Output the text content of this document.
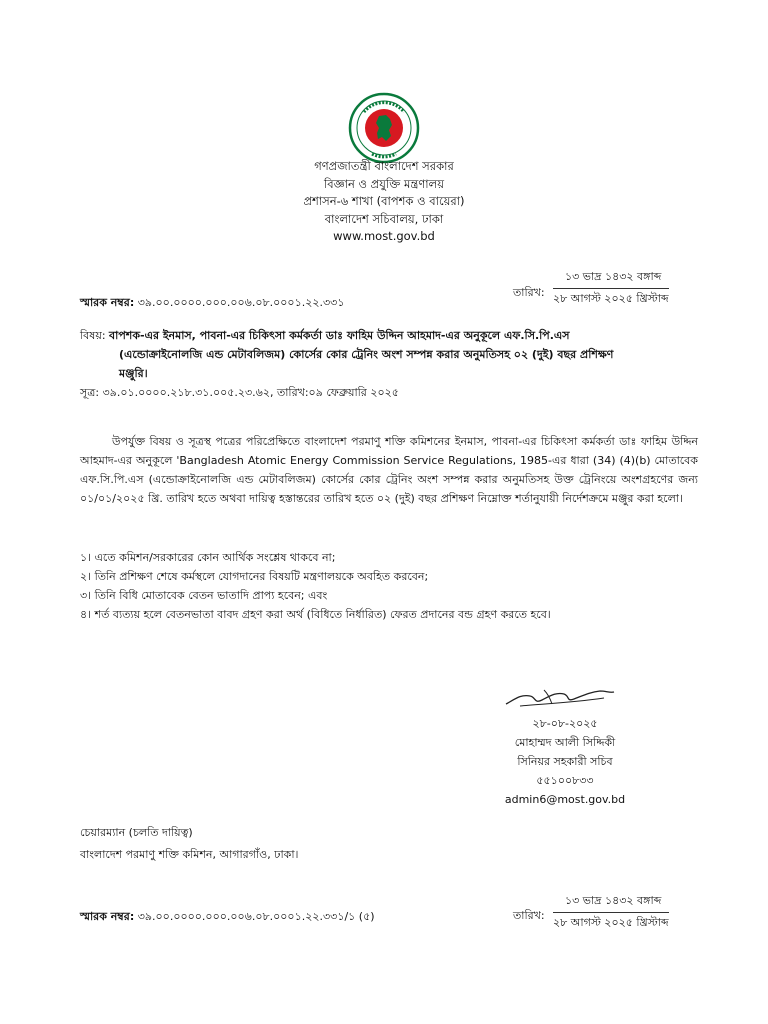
গণপ্রজাতন্ত্রী বাংলাদেশ সরকার
বিজ্ঞান ও প্রযুক্তি মন্ত্রণালয়
প্রশাসন-৬ শাখা (বাপশক ও বায়েরা)
বাংলাদেশ সচিবালয়, ঢাকা
www.most.gov.bd
স্মারক নম্বর: ৩৯.০০.০০০০.০০০.০০৬.০৮.০০০১.২২.৩৩১
তারিখ:
১৩ ভাদ্র ১৪৩২ বঙ্গাব্দ
২৮ আগস্ট ২০২৫ খ্রিস্টাব্দ
বিষয়: বাপশক-এর ইনমাস, পাবনা-এর চিকিৎসা কর্মকর্তা ডাঃ ফাহিম উদ্দিন আহমাদ-এর অনুকূলে এফ.সি.পি.এস
(এন্ডোক্রাইনোলজি এন্ড মেটাবলিজম) কোর্সের কোর ট্রেনিং অংশ সম্পন্ন করার অনুমতিসহ ০২ (দুই) বছর প্রশিক্ষণ
মঞ্জুরি।
সূত্র: ৩৯.০১.০০০০.২১৮.৩১.০০৫.২৩.৬২, তারিখ:০৯ ফেব্রুয়ারি ২০২৫
উপর্যুক্ত বিষয় ও সূত্রস্থ পত্রের পরিপ্রেক্ষিতে বাংলাদেশ পরমাণু শক্তি কমিশনের ইনমাস, পাবনা-এর চিকিৎসা কর্মকর্তা ডাঃ ফাহিম উদ্দিন আহমাদ-এর অনুকূলে 'Bangladesh Atomic Energy Commission Service Regulations, 1985-এর ধারা (34) (4)(b) মোতাবেক এফ.সি.পি.এস (এন্ডোক্রাইনোলজি এন্ড মেটাবলিজম) কোর্সের কোর ট্রেনিং অংশ সম্পন্ন করার অনুমতিসহ উক্ত ট্রেনিংয়ে অংশগ্রহণের জন্য ০১/০১/২০২৫ খ্রি. তারিখ হতে অথবা দায়িত্ব হস্তান্তরের তারিখ হতে ০২ (দুই) বছর প্রশিক্ষণ নিম্নোক্ত শর্তানুযায়ী নির্দেশক্রমে মঞ্জুর করা হলো।
১। এতে কমিশন/সরকারের কোন আর্থিক সংশ্লেষ থাকবে না;
২। তিনি প্রশিক্ষণ শেষে কর্মস্থলে যোগদানের বিষয়টি মন্ত্রণালয়কে অবহিত করবেন;
৩। তিনি বিধি মোতাবেক বেতন ভাতাদি প্রাপ্য হবেন; এবং
৪। শর্ত ব্যত্যয় হলে বেতনভাতা বাবদ গ্রহণ করা অর্থ (বিধিতে নির্ধারিত) ফেরত প্রদানের বন্ড গ্রহণ করতে হবে।
২৮-০৮-২০২৫
মোহাম্মদ আলী সিদ্দিকী
সিনিয়র সহকারী সচিব
৫৫১০০৮৩৩
admin6@most.gov.bd
চেয়ারম্যান (চলতি দায়িত্ব)
বাংলাদেশ পরমাণু শক্তি কমিশন, আগারগাঁও, ঢাকা।
স্মারক নম্বর: ৩৯.০০.০০০০.০০০.০০৬.০৮.০০০১.২২.৩৩১/১ (৫)	তারিখ:
১৩ ভাদ্র ১৪৩২ বঙ্গাব্দ
২৮ আগস্ট ২০২৫ খ্রিস্টাব্দ
